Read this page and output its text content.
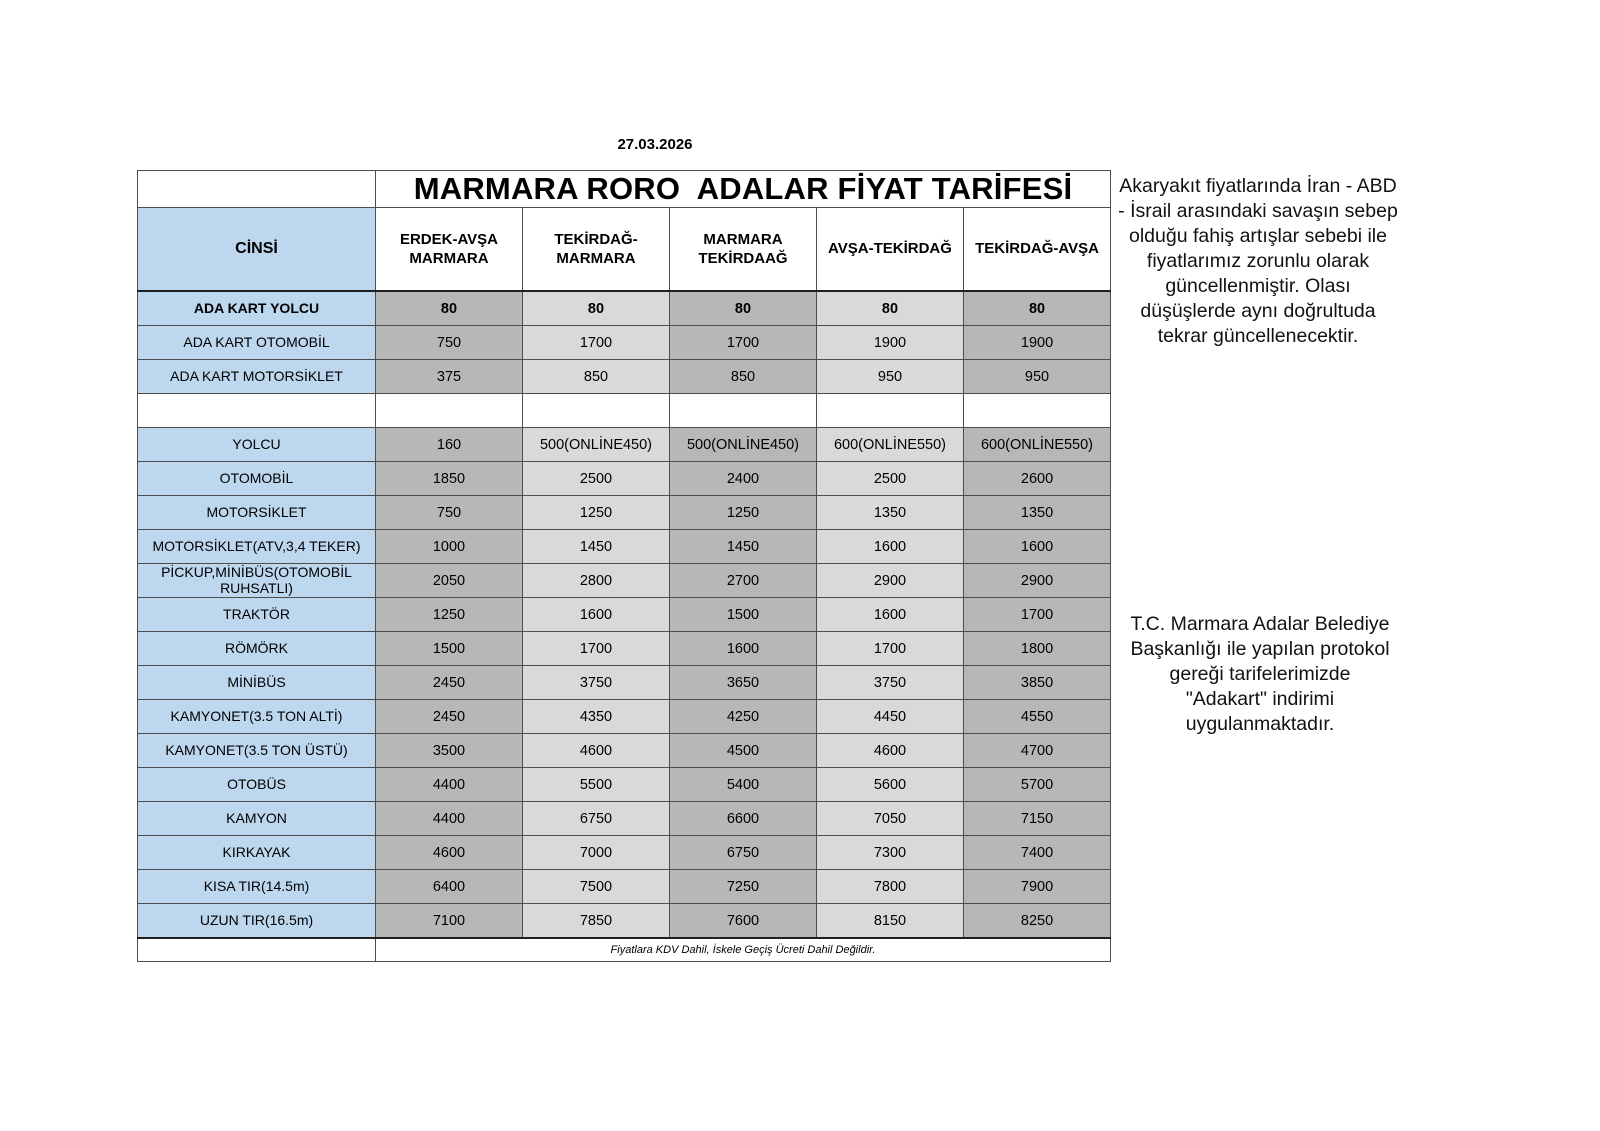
27.03.2026
	MARMARA RORO  ADALAR FİYAT TARİFESİ				
CİNSİ	ERDEK-AVŞA MARMARA	TEKİRDAĞ-MARMARA	MARMARA TEKİRDAAĞ	AVŞA-TEKİRDAĞ	TEKİRDAĞ-AVŞA
ADA KART YOLCU	80	80	80	80	80
ADA KART OTOMOBİL	750	1700	1700	1900	1900
ADA KART MOTORSİKLET	375	850	850	950	950

YOLCU	160	500(ONLİNE450)	500(ONLİNE450)	600(ONLİNE550)	600(ONLİNE550)
OTOMOBİL	1850	2500	2400	2500	2600
MOTORSİKLET	750	1250	1250	1350	1350
MOTORSİKLET(ATV,3,4 TEKER)	1000	1450	1450	1600	1600
PİCKUP,MİNİBÜS(OTOMOBİL RUHSATLI)	2050	2800	2700	2900	2900
TRAKTÖR	1250	1600	1500	1600	1700
RÖMÖRK	1500	1700	1600	1700	1800
MİNİBÜS	2450	3750	3650	3750	3850
KAMYONET(3.5 TON ALTİ)	2450	4350	4250	4450	4550
KAMYONET(3.5 TON ÜSTÜ)	3500	4600	4500	4600	4700
OTOBÜS	4400	5500	5400	5600	5700
KAMYON	4400	6750	6600	7050	7150
KIRKAYAK	4600	7000	6750	7300	7400
KISA TIR(14.5m)	6400	7500	7250	7800	7900
UZUN TIR(16.5m)	7100	7850	7600	8150	8250
	Fiyatlara KDV Dahil, İskele Geçiş Ücreti Dahil Değildir.				
Akaryakıt fiyatlarında İran - ABD - İsrail arasındaki savaşın sebep olduğu fahiş artışlar sebebi ile fiyatlarımız zorunlu olarak güncellenmiştir. Olası düşüşlerde aynı doğrultuda tekrar güncellenecektir.
T.C. Marmara Adalar Belediye Başkanlığı ile yapılan protokol gereği tarifelerimizde "Adakart" indirimi uygulanmaktadır.
